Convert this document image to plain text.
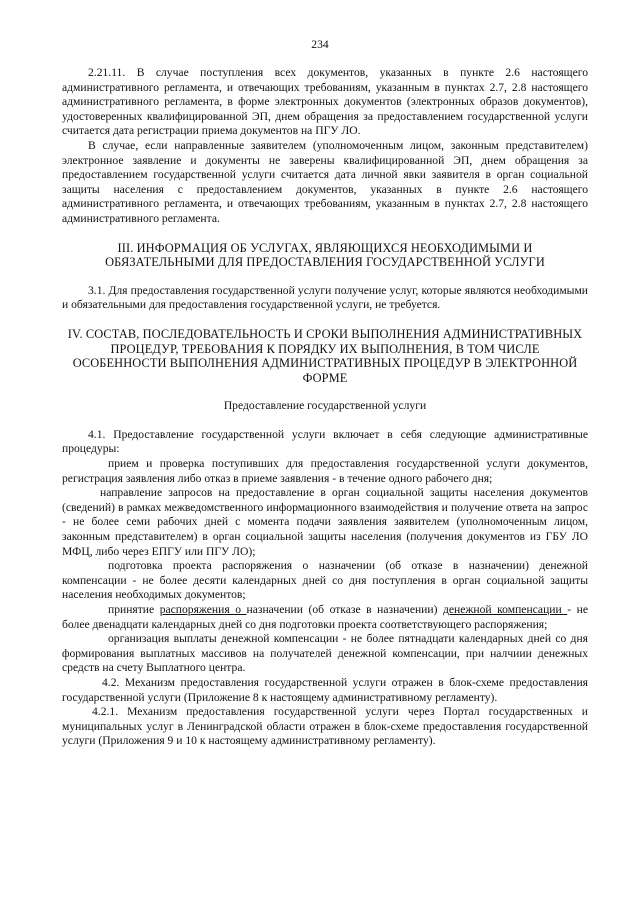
234

2.21.11. В случае поступления всех документов, указанных в пункте 2.6 настоящего административного регламента, и отвечающих требованиям, указанным в пунктах 2.7, 2.8 настоящего административного регламента, в форме электронных документов (электронных образов документов), удостоверенных квалифицированной ЭП, днем обращения за предоставлением государственной услуги считается дата регистрации приема документов на ПГУ ЛО.

В случае, если направленные заявителем (уполномоченным лицом, законным представителем) электронное заявление и документы не заверены квалифицированной ЭП, днем обращения за предоставлением государственной услуги считается дата личной явки заявителя в орган социальной защиты населения с предоставлением документов, указанных в пункте 2.6 настоящего административного регламента, и отвечающих требованиям, указанным в пунктах 2.7, 2.8 настоящего административного регламента.

III. ИНФОРМАЦИЯ ОБ УСЛУГАХ, ЯВЛЯЮЩИХСЯ НЕОБХОДИМЫМИ И ОБЯЗАТЕЛЬНЫМИ ДЛЯ ПРЕДОСТАВЛЕНИЯ ГОСУДАРСТВЕННОЙ УСЛУГИ

3.1. Для предоставления государственной услуги получение услуг, которые являются необходимыми и обязательными для предоставления государственной услуги, не требуется.

IV. СОСТАВ, ПОСЛЕДОВАТЕЛЬНОСТЬ И СРОКИ ВЫПОЛНЕНИЯ АДМИНИСТРАТИВНЫХ ПРОЦЕДУР, ТРЕБОВАНИЯ К ПОРЯДКУ ИХ ВЫПОЛНЕНИЯ, В ТОМ ЧИСЛЕ ОСОБЕННОСТИ ВЫПОЛНЕНИЯ АДМИНИСТРАТИВНЫХ ПРОЦЕДУР В ЭЛЕКТРОННОЙ ФОРМЕ

Предоставление государственной услуги

4.1. Предоставление государственной услуги включает в себя следующие административные процедуры:

прием и проверка поступивших для предоставления государственной услуги документов, регистрация заявления либо отказ в приеме заявления - в течение одного рабочего дня;

направление запросов на предоставление в орган социальной защиты населения документов (сведений) в рамках межведомственного информационного взаимодействия и получение ответа на запрос - не более семи рабочих дней с момента подачи заявления заявителем (уполномоченным лицом, законным представителем) в орган социальной защиты населения (получения документов из ГБУ ЛО МФЦ, либо через ЕПГУ или ПГУ ЛО);

подготовка проекта распоряжения о назначении (об отказе в назначении) денежной компенсации - не более десяти календарных дней со дня поступления в орган социальной защиты населения необходимых документов;

принятие распоряжения о назначении (об отказе в назначении) денежной компенсации - не более двенадцати календарных дней со дня подготовки проекта соответствующего распоряжения;

организация выплаты денежной компенсации - не более пятнадцати календарных дней со дня формирования выплатных массивов на получателей денежной компенсации, при налчиии денежных средств на счету Выплатного центра.

4.2. Механизм предоставления государственной услуги отражен в блок-схеме предоставления государственной услуги (Приложение 8 к настоящему административному регламенту).

4.2.1. Механизм предоставления государственной услуги через Портал государственных и муниципальных услуг в Ленинградской области отражен в блок-схеме предоставления государственной услуги (Приложения 9 и 10 к настоящему административному регламенту).
